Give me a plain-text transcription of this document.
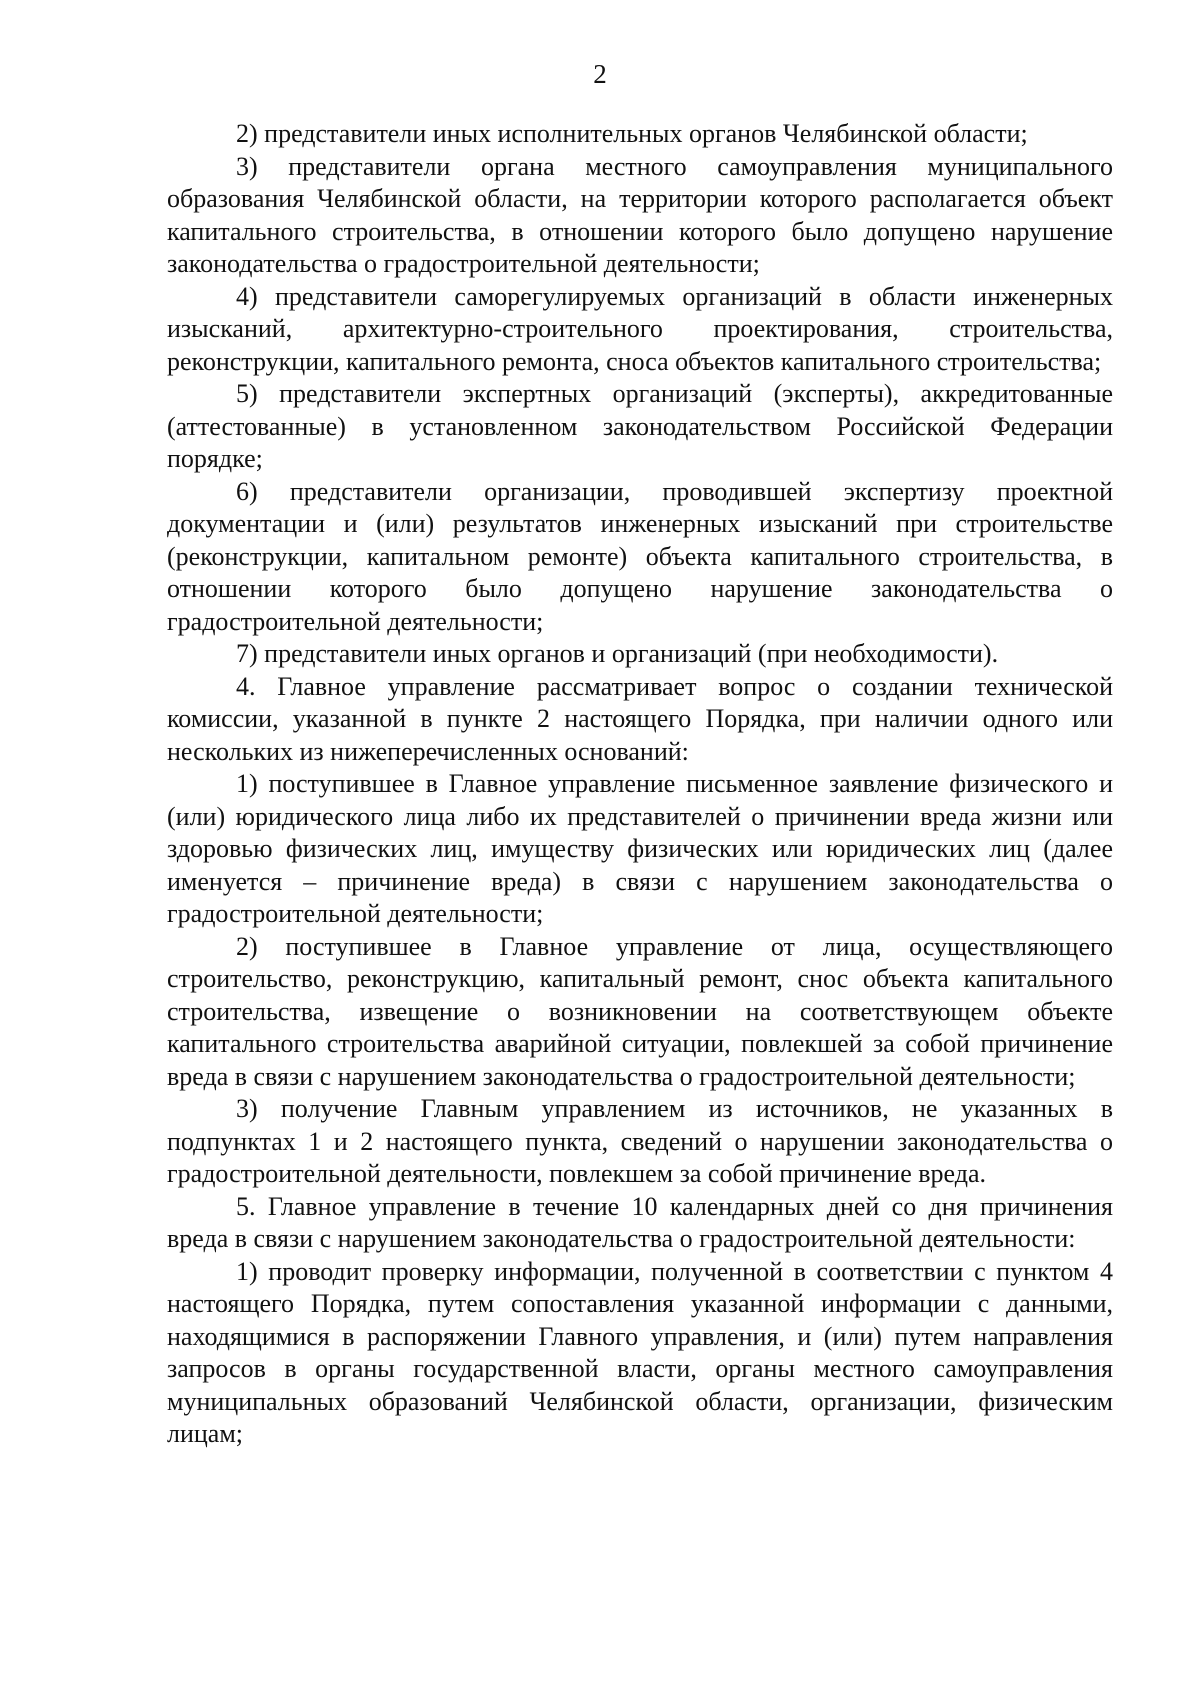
2

2) представители иных исполнительных органов Челябинской области;

3) представители органа местного самоуправления муниципального образования Челябинской области, на территории которого располагается объект капитального строительства, в отношении которого было допущено нарушение законодательства о градостроительной деятельности;

4) представители саморегулируемых организаций в области инженерных изысканий, архитектурно-строительного проектирования, строительства, реконструкции, капитального ремонта, сноса объектов капитального строительства;

5) представители экспертных организаций (эксперты), аккредитованные (аттестованные) в установленном законодательством Российской Федерации порядке;

6) представители организации, проводившей экспертизу проектной документации и (или) результатов инженерных изысканий при строительстве (реконструкции, капитальном ремонте) объекта капитального строительства, в отношении которого было допущено нарушение законодательства о градостроительной деятельности;

7) представители иных органов и организаций (при необходимости).

4. Главное управление рассматривает вопрос о создании технической комиссии, указанной в пункте 2 настоящего Порядка, при наличии одного или нескольких из нижеперечисленных оснований:

1) поступившее в Главное управление письменное заявление физического и (или) юридического лица либо их представителей о причинении вреда жизни или здоровью физических лиц, имуществу физических или юридических лиц (далее именуется – причинение вреда) в связи с нарушением законодательства о градостроительной деятельности;

2) поступившее в Главное управление от лица, осуществляющего строительство, реконструкцию, капитальный ремонт, снос объекта капитального строительства, извещение о возникновении на соответствующем объекте капитального строительства аварийной ситуации, повлекшей за собой причинение вреда в связи с нарушением законодательства о градостроительной деятельности;

3) получение Главным управлением из источников, не указанных в подпунктах 1 и 2 настоящего пункта, сведений о нарушении законодательства о градостроительной деятельности, повлекшем за собой причинение вреда.

5. Главное управление в течение 10 календарных дней со дня причинения вреда в связи с нарушением законодательства о градостроительной деятельности:

1) проводит проверку информации, полученной в соответствии с пунктом 4 настоящего Порядка, путем сопоставления указанной информации с данными, находящимися в распоряжении Главного управления, и (или) путем направления запросов в органы государственной власти, органы местного самоуправления муниципальных образований Челябинской области, организации, физическим лицам;
